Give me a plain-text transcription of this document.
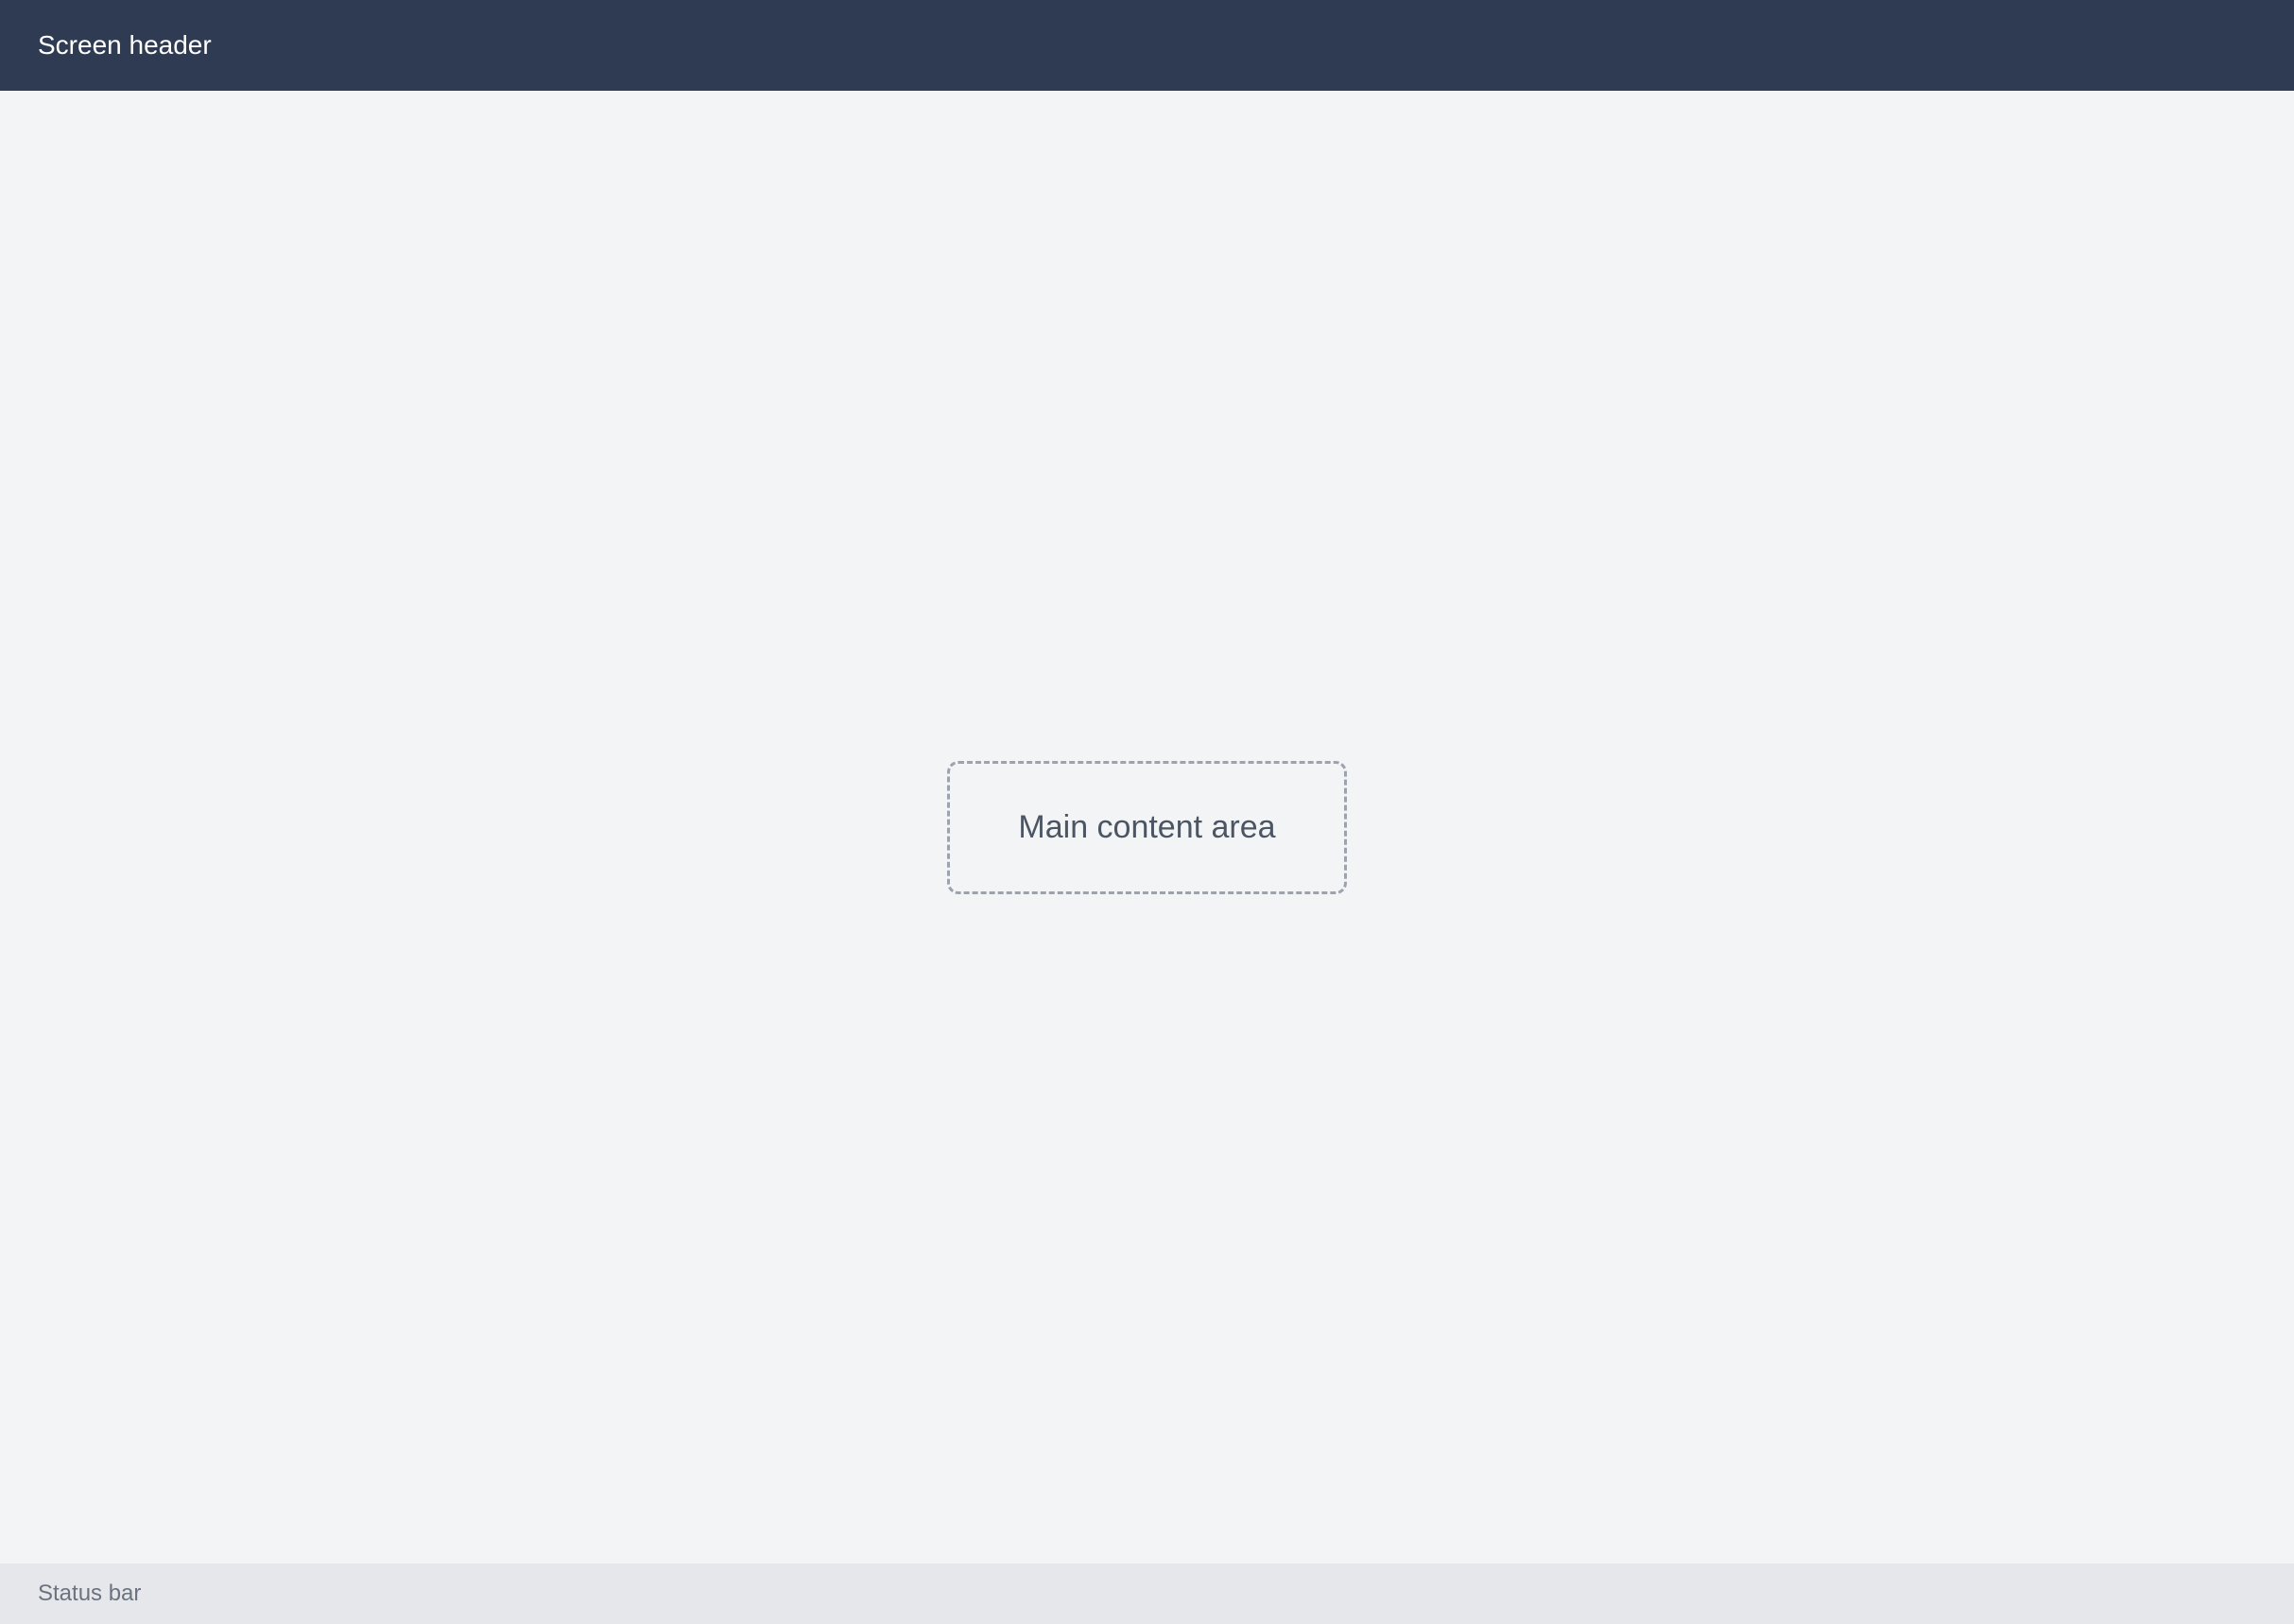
Screen header
Main content area
Status bar
